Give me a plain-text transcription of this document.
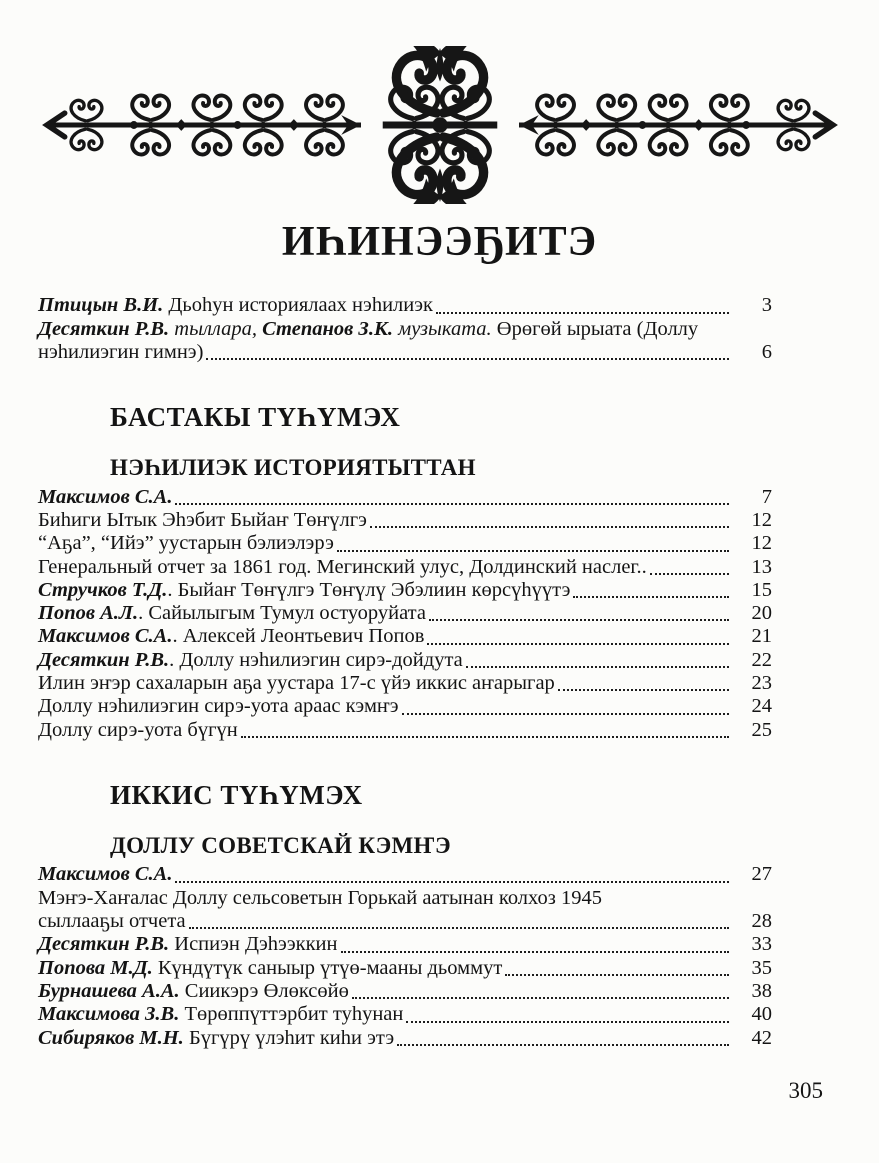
ИҺИНЭЭҔИТЭ
Птицын В.И. Дьоһун историялаах нэһилиэк	3
Десяткин Р.В. тыллара, Степанов З.К. музыката. Өрөгөй ырыата (Доллу
нэһилиэгин гимнэ)	6
БАСТАКЫ ТҮҺҮМЭХ
НЭҺИЛИЭК ИСТОРИЯТЫТТАН
Максимов С.А.	7
Биһиги Ытык Эһэбит Быйаҥ Төҥүлгэ	12
“Аҕа”, “Ийэ” уустарын бэлиэлэрэ	12
Генеральный отчет за 1861 год. Мегинский улус, Долдинский наслег..	13
Стручков Т.Д.. Быйаҥ Төҥүлгэ Төҥүлү Эбэлиин көрсүһүүтэ	15
Попов А.Л.. Сайылыгым Тумул остуоруйата	20
Максимов С.А.. Алексей Леонтьевич Попов	21
Десяткин Р.В.. Доллу нэһилиэгин сирэ-дойдута	22
Илин эҥэр сахаларын аҕа уустара 17-с үйэ иккис аҥарыгар	23
Доллу нэһилиэгин сирэ-уота араас кэмҥэ	24
Доллу сирэ-уота бүгүн	25
ИККИС ТҮҺҮМЭХ
ДОЛЛУ СОВЕТСКАЙ КЭМҤЭ
Максимов С.А.	27
Мэҥэ-Хаҥалас Доллу сельсоветын Горькай аатынан колхоз 1945
сыллааҕы отчета	28
Десяткин Р.В. Испиэн Дэһээккин	33
Попова М.Д. Күндүтүк саныыр үтүө-мааны дьоммут	35
Бурнашева А.А. Сиикэрэ Өлөксөйө	38
Максимова З.В. Төрөппүттэрбит туһунан	40
Сибиряков М.Н. Бүгүрү үлэһит киһи этэ	42
305
